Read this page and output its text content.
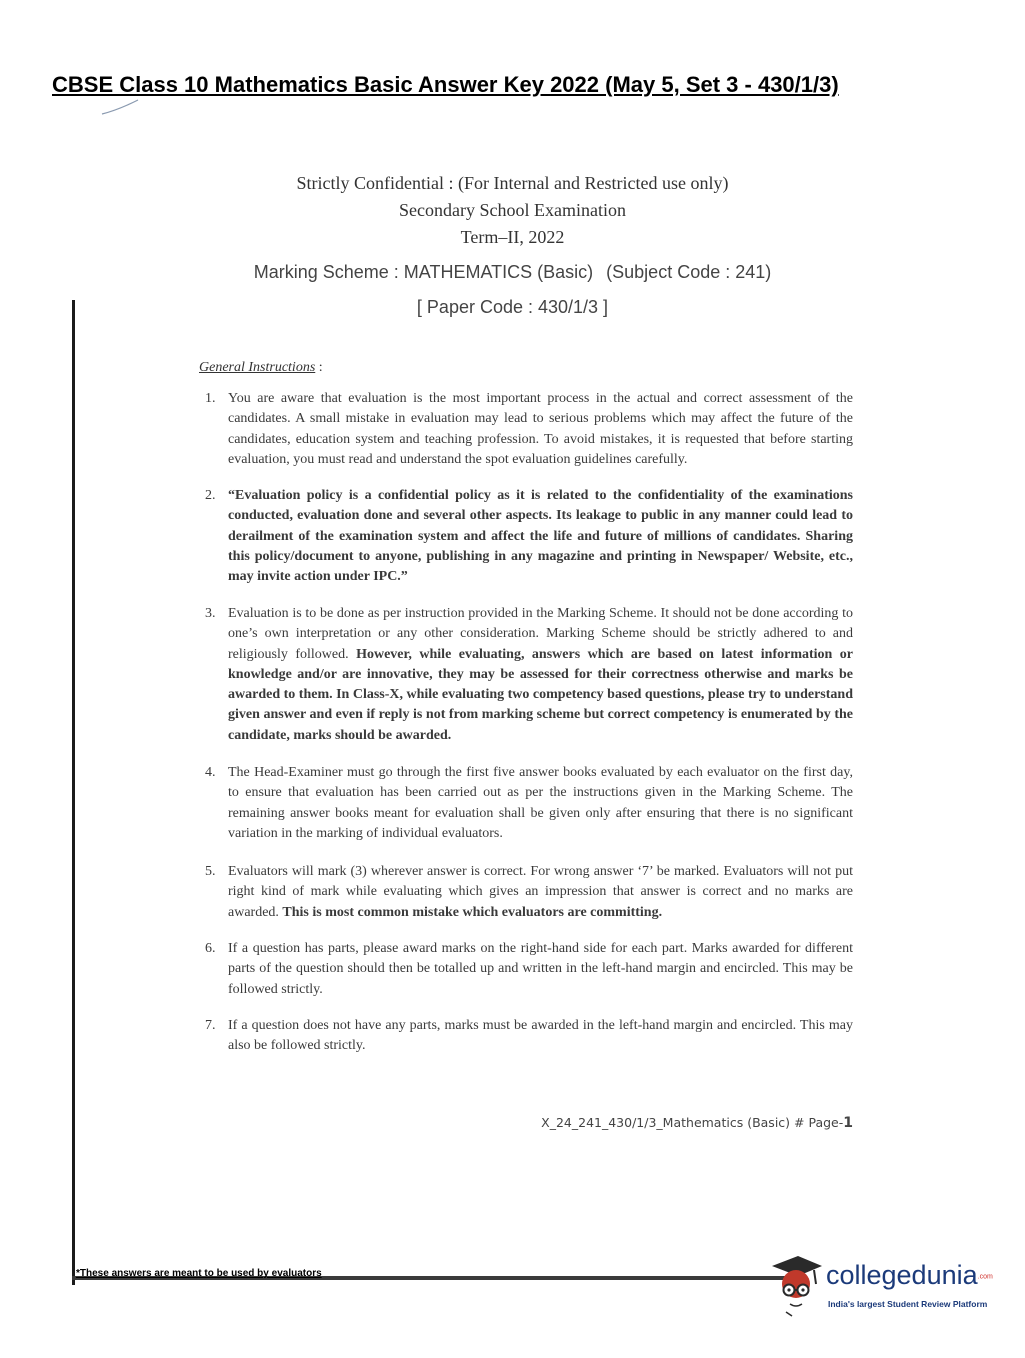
CBSE Class 10 Mathematics Basic Answer Key 2022 (May 5, Set 3 - 430/1/3)
Strictly Confidential : (For Internal and Restricted use only)
Secondary School Examination
Term–II, 2022
Marking Scheme : MATHEMATICS (Basic) (Subject Code : 241)
[ Paper Code : 430/1/3 ]
General Instructions :
1. You are aware that evaluation is the most important process in the actual and correct assessment of the candidates. A small mistake in evaluation may lead to serious problems which may affect the future of the candidates, education system and teaching profession. To avoid mistakes, it is requested that before starting evaluation, you must read and understand the spot evaluation guidelines carefully.
2. “Evaluation policy is a confidential policy as it is related to the confidentiality of the examinations conducted, evaluation done and several other aspects. Its leakage to public in any manner could lead to derailment of the examination system and affect the life and future of millions of candidates. Sharing this policy/document to anyone, publishing in any magazine and printing in Newspaper/ Website, etc., may invite action under IPC.”
3. Evaluation is to be done as per instruction provided in the Marking Scheme. It should not be done according to one’s own interpretation or any other consideration. Marking Scheme should be strictly adhered to and religiously followed. However, while evaluating, answers which are based on latest information or knowledge and/or are innovative, they may be assessed for their correctness otherwise and marks be awarded to them. In Class-X, while evaluating two competency based questions, please try to understand given answer and even if reply is not from marking scheme but correct competency is enumerated by the candidate, marks should be awarded.
4. The Head-Examiner must go through the first five answer books evaluated by each evaluator on the first day, to ensure that evaluation has been carried out as per the instructions given in the Marking Scheme. The remaining answer books meant for evaluation shall be given only after ensuring that there is no significant variation in the marking of individual evaluators.
5. Evaluators will mark (3) wherever answer is correct. For wrong answer ‘7’ be marked. Evaluators will not put right kind of mark while evaluating which gives an impression that answer is correct and no marks are awarded. This is most common mistake which evaluators are committing.
6. If a question has parts, please award marks on the right-hand side for each part. Marks awarded for different parts of the question should then be totalled up and written in the left-hand margin and encircled. This may be followed strictly.
7. If a question does not have any parts, marks must be awarded in the left-hand margin and encircled. This may also be followed strictly.
X_24_241_430/1/3_Mathematics (Basic) # Page-1
*These answers are meant to be used by evaluators	collegedunia.com
India's largest Student Review Platform
